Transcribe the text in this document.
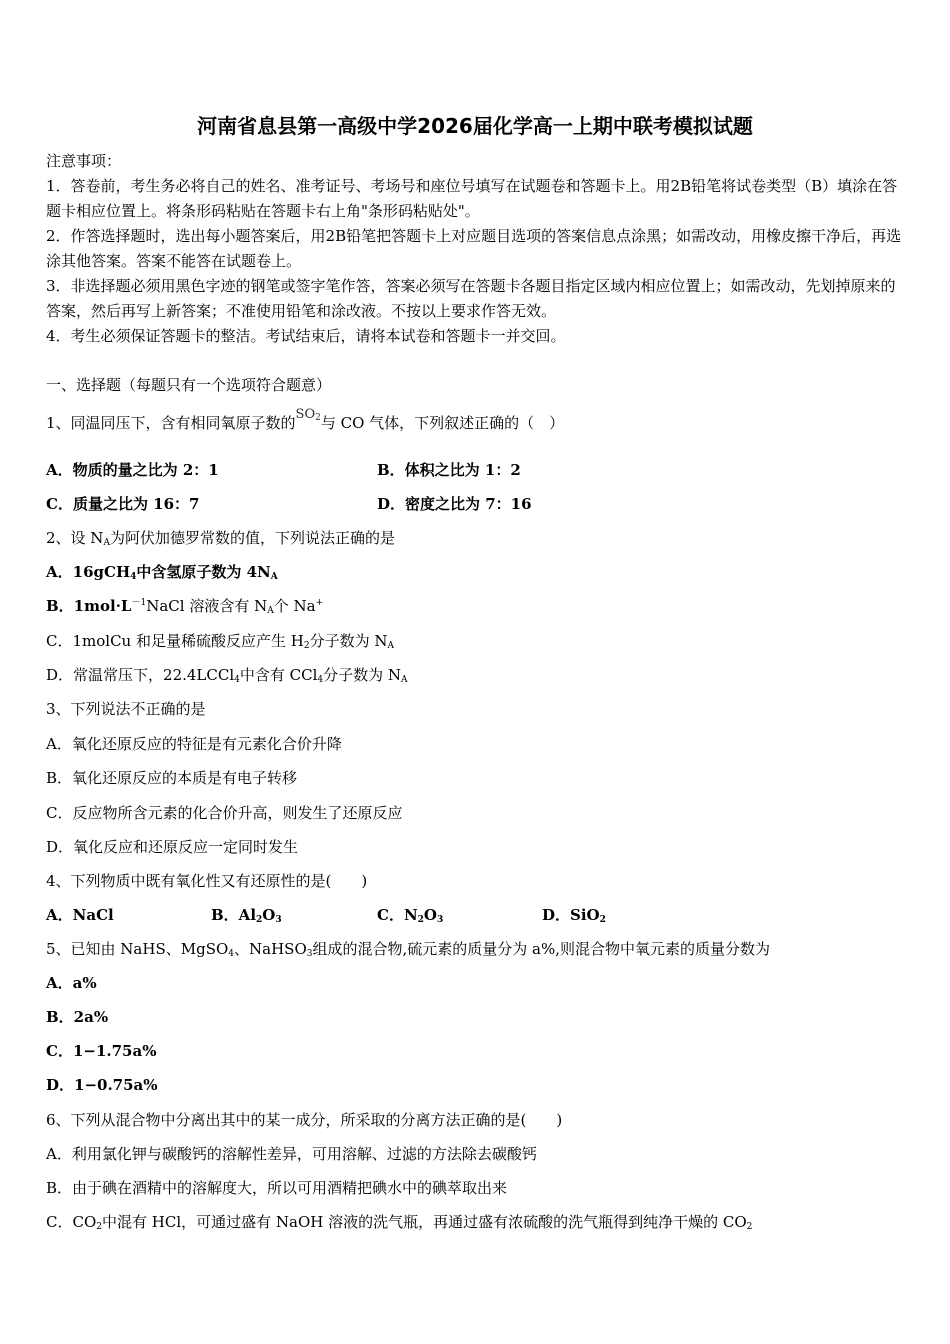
河南省息县第一高级中学2026届化学高一上期中联考模拟试题
注意事项：
1．答卷前，考生务必将自己的姓名、准考证号、考场号和座位号填写在试题卷和答题卡上。用2B铅笔将试卷类型（B）填涂在答题卡相应位置上。将条形码粘贴在答题卡右上角"条形码粘贴处"。
2．作答选择题时，选出每小题答案后，用2B铅笔把答题卡上对应题目选项的答案信息点涂黑；如需改动，用橡皮擦干净后，再选涂其他答案。答案不能答在试题卷上。
3．非选择题必须用黑色字迹的钢笔或签字笔作答，答案必须写在答题卡各题目指定区域内相应位置上；如需改动，先划掉原来的答案，然后再写上新答案；不准使用铅笔和涂改液。不按以上要求作答无效。
4．考生必须保证答题卡的整洁。考试结束后，请将本试卷和答题卡一并交回。
一、选择题（每题只有一个选项符合题意）
1、同温同压下，含有相同氧原子数的$SO_2$与 CO 气体，下列叙述正确的（　）
A．物质的量之比为 2：1	B．体积之比为 1：2
C．质量之比为 16：7	D．密度之比为 7：16
2、设 $N_A$为阿伏加德罗常数的值，下列说法正确的是
A．16gCH$_4$中含氢原子数为 $4N_A$
B．$1mol\cdot L^{-1}NaCl$ 溶液含有 $N_A$个 Na+
C．1molCu 和足量稀硫酸反应产生 $H_2$分子数为 $N_A$
D．常温常压下，22.4LCCl$_4$中含有 CCl$_4$分子数为 $N_A$
3、下列说法不正确的是
A．氧化还原反应的特征是有元素化合价升降
B．氧化还原反应的本质是有电子转移
C．反应物所含元素的化合价升高，则发生了还原反应
D．氧化反应和还原反应一定同时发生
4、下列物质中既有氧化性又有还原性的是(　　)
A．NaCl	B．$Al_2O_3$	C．$N_2O_3$	D．SiO$_2$
5、已知由 NaHS、MgSO$_4$、NaHSO$_3$组成的混合物,硫元素的质量分为 a%,则混合物中氧元素的质量分数为
A．a%
B．2a%
C．1−1.75a%
D．1−0.75a%
6、下列从混合物中分离出其中的某一成分，所采取的分离方法正确的是(　　)
A．利用氯化钾与碳酸钙的溶解性差异，可用溶解、过滤的方法除去碳酸钙
B．由于碘在酒精中的溶解度大，所以可用酒精把碘水中的碘萃取出来
C．$CO_2$中混有 HCl，可通过盛有 NaOH 溶液的洗气瓶，再通过盛有浓硫酸的洗气瓶得到纯净干燥的 $CO_2$
